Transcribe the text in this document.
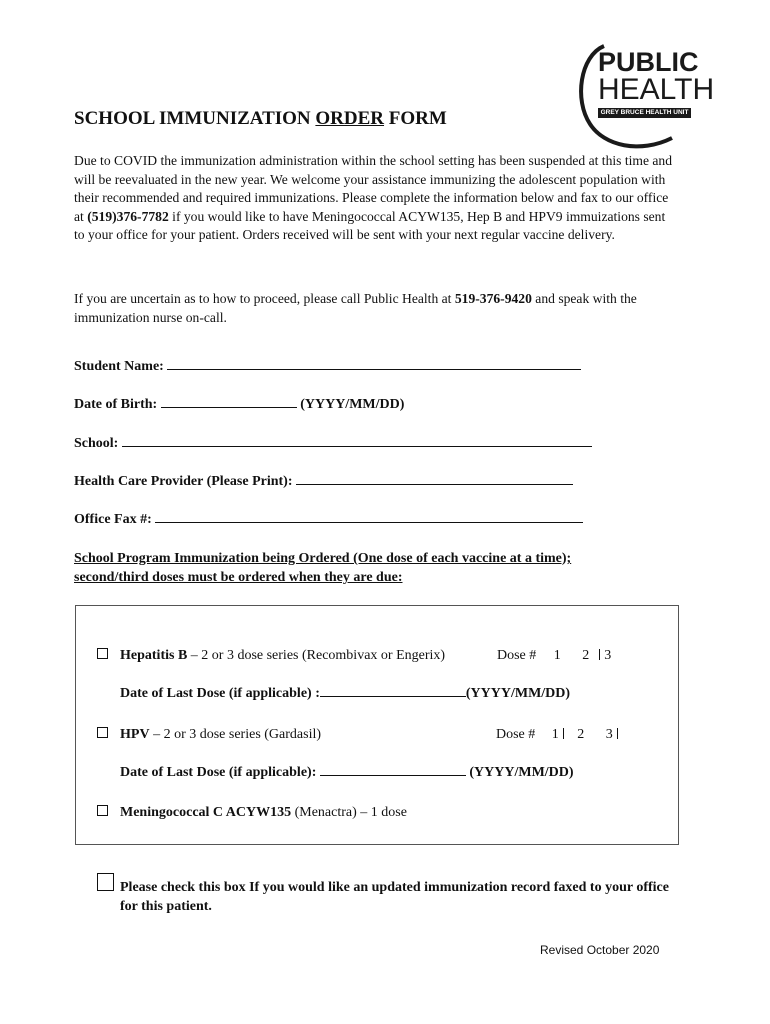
PUBLIC
HEALTH
GREY BRUCE HEALTH UNIT
SCHOOL IMMUNIZATION ORDER FORM
Due to COVID the immunization administration within the school setting has been suspended at this time and will be reevaluated in the new year. We welcome your assistance immunizing the adolescent population with their recommended and required immunizations. Please complete the information below and fax to our office at (519)376-7782 if you would like to have Meningococcal ACYW135, Hep B and HPV9 immuizations sent to your office for your patient. Orders received will be sent with your next regular vaccine delivery.
If you are uncertain as to how to proceed, please call Public Health at 519-376-9420 and speak with the immunization nurse on-call.
Student Name:
Date of Birth:	(YYYY/MM/DD)
School:
Health Care Provider (Please Print):
Office Fax #:
School Program Immunization being Ordered (One dose of each vaccine at a time); second/third doses must be ordered when they are due:
Hepatitis B – 2 or 3 dose series (Recombivax or Engerix)	Dose # 1 2 3
Date of Last Dose (if applicable) :	(YYYY/MM/DD)
HPV – 2 or 3 dose series (Gardasil)	Dose # 1 2 3
Date of Last Dose (if applicable):	(YYYY/MM/DD)
Meningococcal C ACYW135 (Menactra) – 1 dose
Please check this box If you would like an updated immunization record faxed to your office for this patient.
Revised October 2020
